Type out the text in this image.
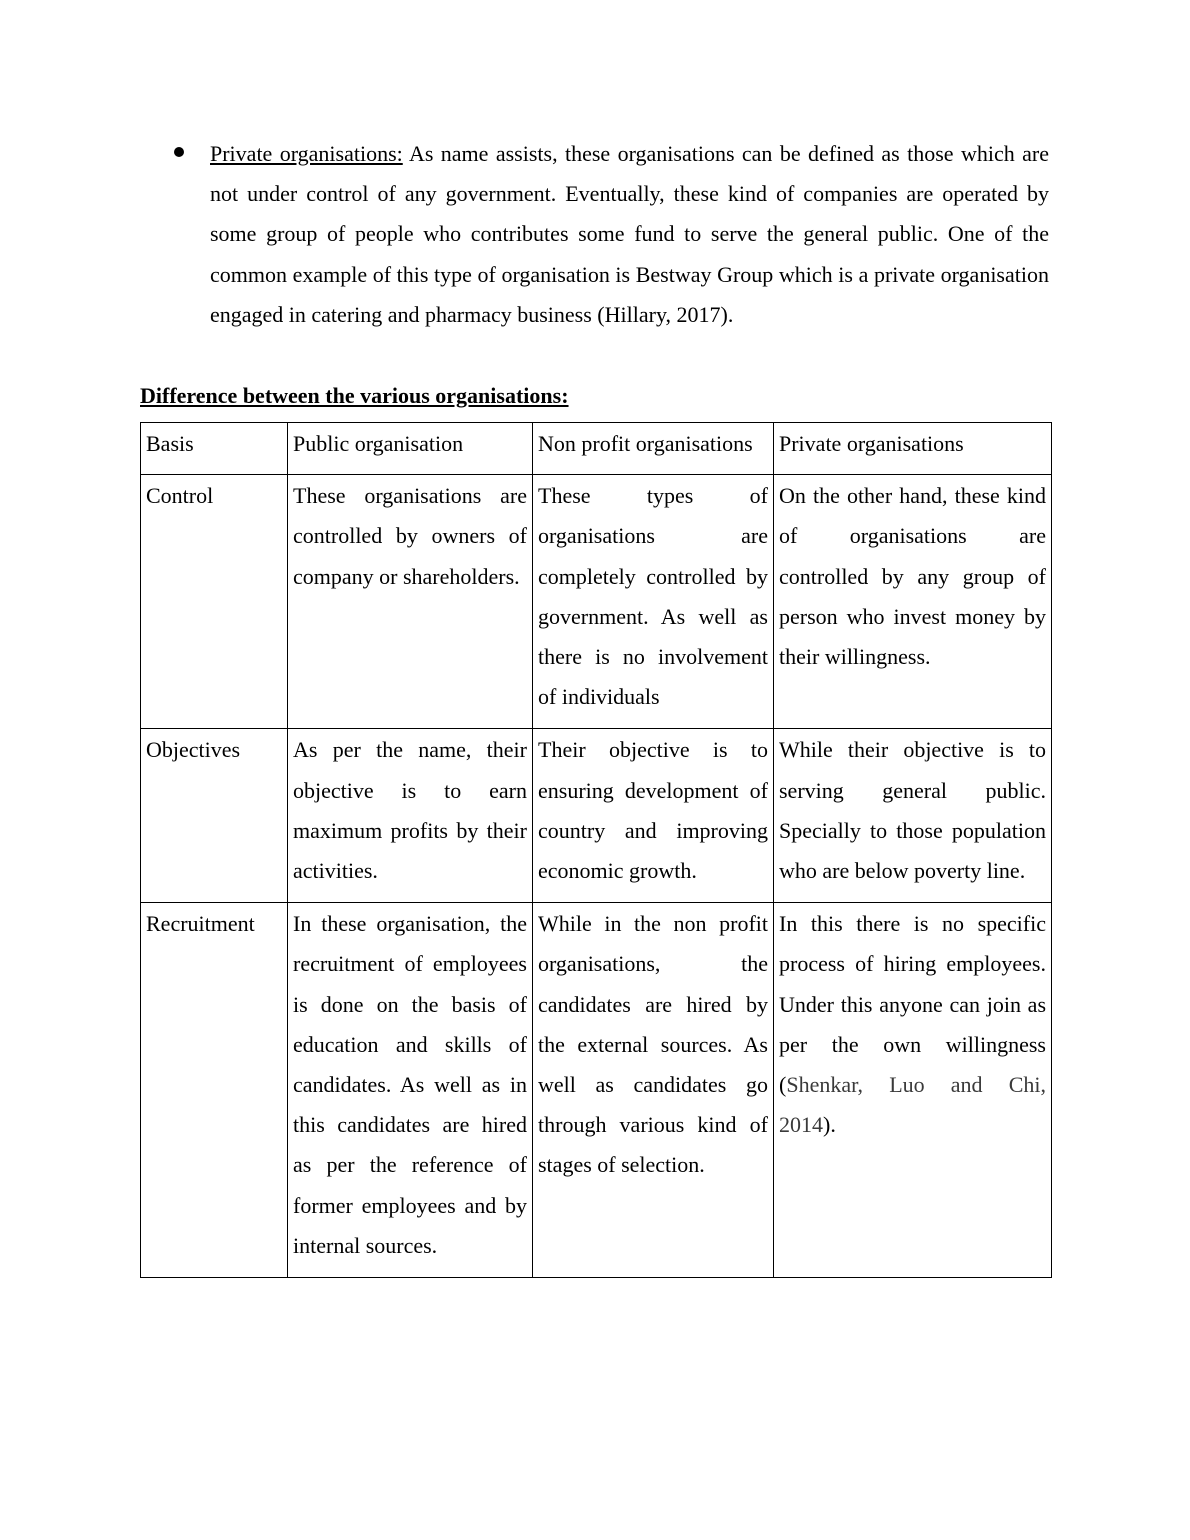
Private organisations: As name assists, these organisations can be defined as those which are not under control of any government. Eventually, these kind of companies are operated by some group of people who contributes some fund to serve the general public. One of the common example of this type of organisation is Bestway Group which is a private organisation engaged in catering and pharmacy business (Hillary, 2017).

Difference between the various organisations:
Basis	Public organisation	Non profit organisations	Private organisations
Control	These organisations are controlled by owners of company or shareholders.	These types of organisations are completely controlled by government. As well as there is no involvement of individuals	On the other hand, these kind of organisations are controlled by any group of person who invest money by their willingness.
Objectives	As per the name, their objective is to earn maximum profits by their activities.	Their objective is to ensuring development of country and improving economic growth.	While their objective is to serving general public. Specially to those population who are below poverty line.
Recruitment	In these organisation, the recruitment of employees is done on the basis of education and skills of candidates. As well as in this candidates are hired as per the reference of former employees and by internal sources.	While in the non profit organisations, the candidates are hired by the external sources. As well as candidates go through various kind of stages of selection.	In this there is no specific process of hiring employees. Under this anyone can join as per the own willingness (Shenkar, Luo and Chi, 2014).
